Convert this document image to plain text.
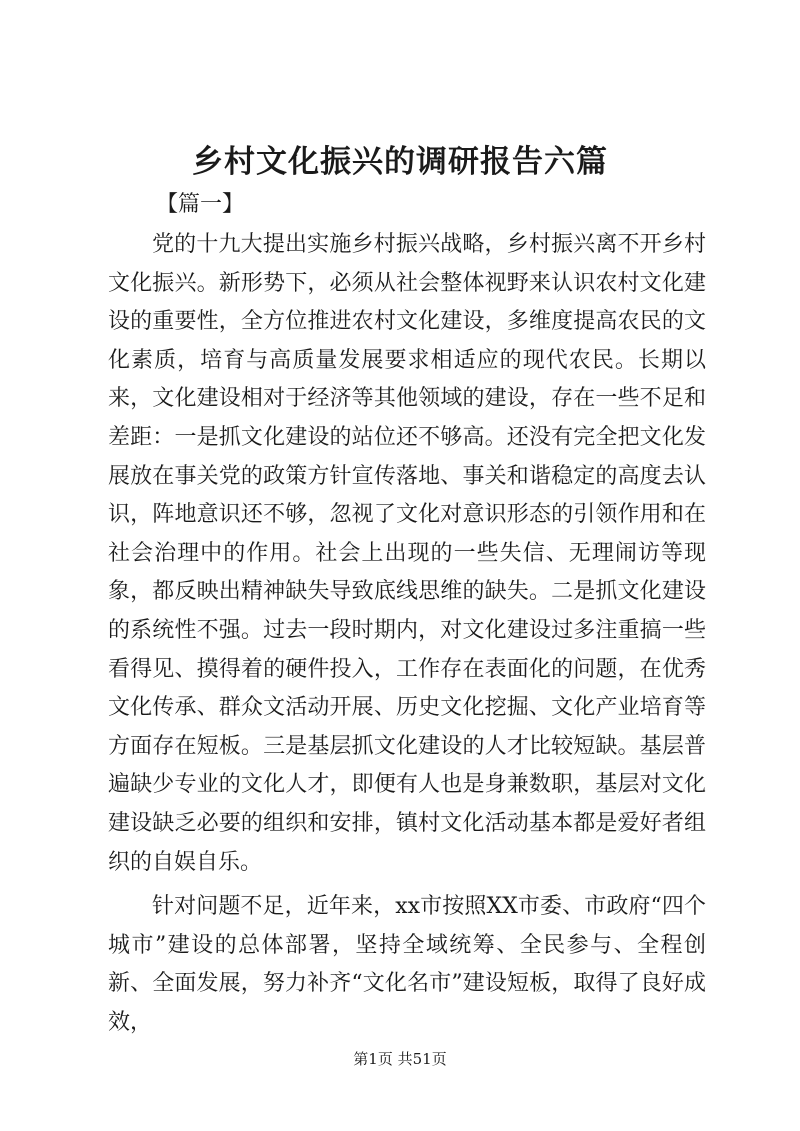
乡村文化振兴的调研报告六篇

【篇一】

党的十九大提出实施乡村振兴战略，乡村振兴离不开乡村文化振兴。新形势下，必须从社会整体视野来认识农村文化建设的重要性，全方位推进农村文化建设，多维度提高农民的文化素质，培育与高质量发展要求相适应的现代农民。长期以来，文化建设相对于经济等其他领域的建设，存在一些不足和差距：一是抓文化建设的站位还不够高。还没有完全把文化发展放在事关党的政策方针宣传落地、事关和谐稳定的高度去认识，阵地意识还不够，忽视了文化对意识形态的引领作用和在社会治理中的作用。社会上出现的一些失信、无理闹访等现象，都反映出精神缺失导致底线思维的缺失。二是抓文化建设的系统性不强。过去一段时期内，对文化建设过多注重搞一些看得见、摸得着的硬件投入，工作存在表面化的问题，在优秀文化传承、群众文活动开展、历史文化挖掘、文化产业培育等方面存在短板。三是基层抓文化建设的人才比较短缺。基层普遍缺少专业的文化人才，即便有人也是身兼数职，基层对文化建设缺乏必要的组织和安排，镇村文化活动基本都是爱好者组织的自娱自乐。

针对问题不足，近年来，xx市按照XX市委、市政府“四个城市”建设的总体部署，坚持全域统筹、全民参与、全程创新、全面发展，努力补齐“文化名市”建设短板，取得了良好成效，

第1页 共51页
